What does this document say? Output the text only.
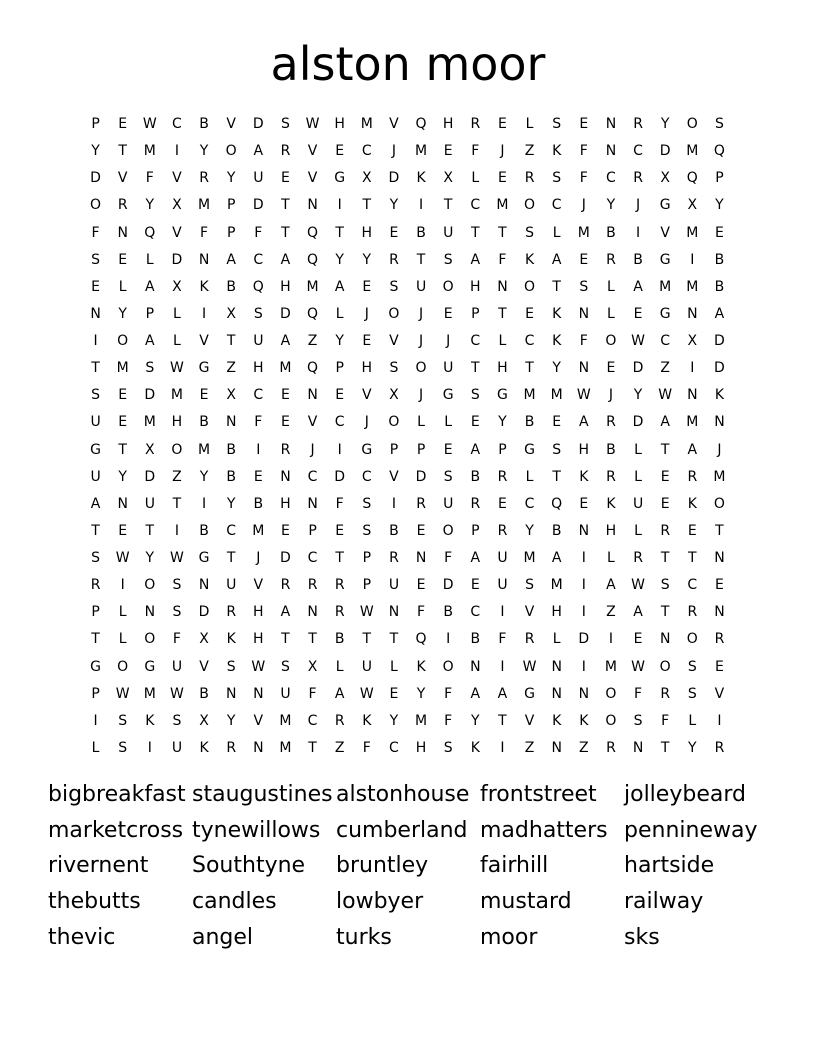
alston moor
P	E	W	C	B	V	D	S	W	H	M	V	Q	H	R	E	L	S	E	N	R	Y	O	S
Y	T	M	I	Y	O	A	R	V	E	C	J	M	E	F	J	Z	K	F	N	C	D	M	Q
D	V	F	V	R	Y	U	E	V	G	X	D	K	X	L	E	R	S	F	C	R	X	Q	P
O	R	Y	X	M	P	D	T	N	I	T	Y	I	T	C	M	O	C	J	Y	J	G	X	Y
F	N	Q	V	F	P	F	T	Q	T	H	E	B	U	T	T	S	L	M	B	I	V	M	E
S	E	L	D	N	A	C	A	Q	Y	Y	R	T	S	A	F	K	A	E	R	B	G	I	B
E	L	A	X	K	B	Q	H	M	A	E	S	U	O	H	N	O	T	S	L	A	M	M	B
N	Y	P	L	I	X	S	D	Q	L	J	O	J	E	P	T	E	K	N	L	E	G	N	A
I	O	A	L	V	T	U	A	Z	Y	E	V	J	J	C	L	C	K	F	O	W	C	X	D
T	M	S	W	G	Z	H	M	Q	P	H	S	O	U	T	H	T	Y	N	E	D	Z	I	D
S	E	D	M	E	X	C	E	N	E	V	X	J	G	S	G	M	M	W	J	Y	W	N	K
U	E	M	H	B	N	F	E	V	C	J	O	L	L	E	Y	B	E	A	R	D	A	M	N
G	T	X	O	M	B	I	R	J	I	G	P	P	E	A	P	G	S	H	B	L	T	A	J
U	Y	D	Z	Y	B	E	N	C	D	C	V	D	S	B	R	L	T	K	R	L	E	R	M
A	N	U	T	I	Y	B	H	N	F	S	I	R	U	R	E	C	Q	E	K	U	E	K	O
T	E	T	I	B	C	M	E	P	E	S	B	E	O	P	R	Y	B	N	H	L	R	E	T
S	W	Y	W	G	T	J	D	C	T	P	R	N	F	A	U	M	A	I	L	R	T	T	N
R	I	O	S	N	U	V	R	R	R	P	U	E	D	E	U	S	M	I	A	W	S	C	E
P	L	N	S	D	R	H	A	N	R	W	N	F	B	C	I	V	H	I	Z	A	T	R	N
T	L	O	F	X	K	H	T	T	B	T	T	Q	I	B	F	R	L	D	I	E	N	O	R
G	O	G	U	V	S	W	S	X	L	U	L	K	O	N	I	W	N	I	M	W	O	S	E
P	W	M	W	B	N	N	U	F	A	W	E	Y	F	A	A	G	N	N	O	F	R	S	V
I	S	K	S	X	Y	V	M	C	R	K	Y	M	F	Y	T	V	K	K	O	S	F	L	I
L	S	I	U	K	R	N	M	T	Z	F	C	H	S	K	I	Z	N	Z	R	N	T	Y	R
bigbreakfast staugustines alstonhouse frontstreet	jolleybeard
marketcross tynewillows cumberland madhatters pennineway
rivernent	Southtyne	bruntley	fairhill	hartside
thebutts	candles	lowbyer	mustard	railway
thevic	angel	turks	moor	sks
